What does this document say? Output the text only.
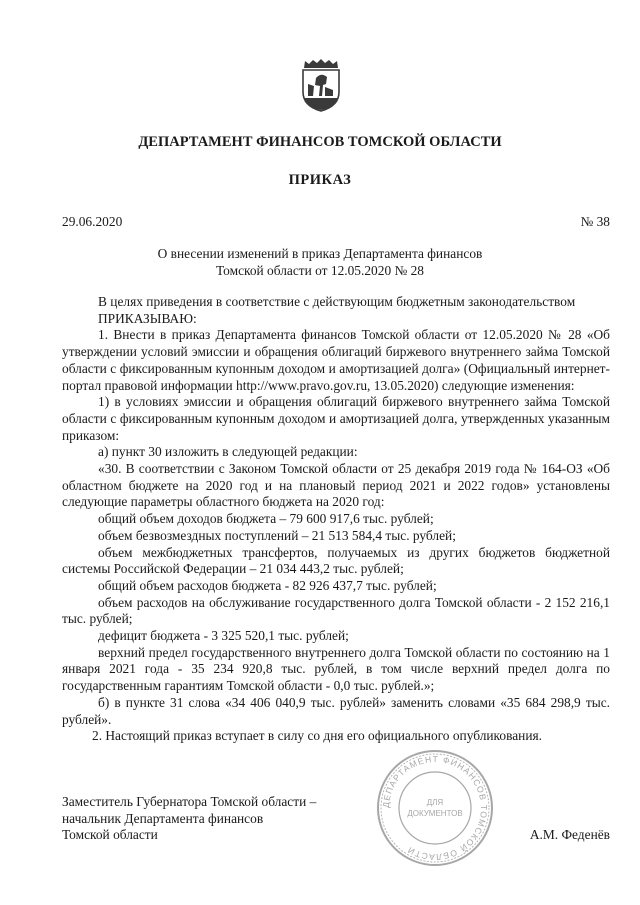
ДЕПАРТАМЕНТ ФИНАНСОВ ТОМСКОЙ ОБЛАСТИ
ПРИКАЗ
29.06.2020	№ 38
О внесении изменений в приказ Департамента финансов
Томской области от 12.05.2020 № 28

В целях приведения в соответствие с действующим бюджетным законодательством

ПРИКАЗЫВАЮ:

1. Внести в приказ Департамента финансов Томской области от 12.05.2020 № 28 «Об утверждении условий эмиссии и обращения облигаций биржевого внутреннего займа Томской области с фиксированным купонным доходом и амортизацией долга» (Официальный интернет-портал правовой информации http://www.pravo.gov.ru, 13.05.2020) следующие изменения:

1) в условиях эмиссии и обращения облигаций биржевого внутреннего займа Томской области с фиксированным купонным доходом и амортизацией долга, утвержденных указанным приказом:

а) пункт 30 изложить в следующей редакции:

«30. В соответствии с Законом Томской области от 25 декабря 2019 года № 164-ОЗ «Об областном бюджете на 2020 год и на плановый период 2021 и 2022 годов» установлены следующие параметры областного бюджета на 2020 год:

общий объем доходов бюджета – 79 600 917,6 тыс. рублей;

объем безвозмездных поступлений – 21 513 584,4 тыс. рублей;

объем межбюджетных трансфертов, получаемых из других бюджетов бюджетной системы Российской Федерации – 21 034 443,2 тыс. рублей;

общий объем расходов бюджета - 82 926 437,7 тыс. рублей;

объем расходов на обслуживание государственного долга Томской области - 2 152 216,1 тыс. рублей;

дефицит бюджета - 3 325 520,1 тыс. рублей;

верхний предел государственного внутреннего долга Томской области по состоянию на 1 января 2021 года - 35 234 920,8 тыс. рублей, в том числе верхний предел долга по государственным гарантиям Томской области - 0,0 тыс. рублей.»;

б) в пункте 31 слова «34 406 040,9 тыс. рублей» заменить словами «35 684 298,9 тыс. рублей».

2. Настоящий приказ вступает в силу со дня его официального опубликования.

Заместитель Губернатора Томской области –
начальник Департамента финансов
Томской области	А.М. Феденёв
ДЕПАРТАМЕНТ ФИНАНСОВ ТОМСКОЙ ОБЛАСТИ
ДЛЯ
ДОКУМЕНТОВ
